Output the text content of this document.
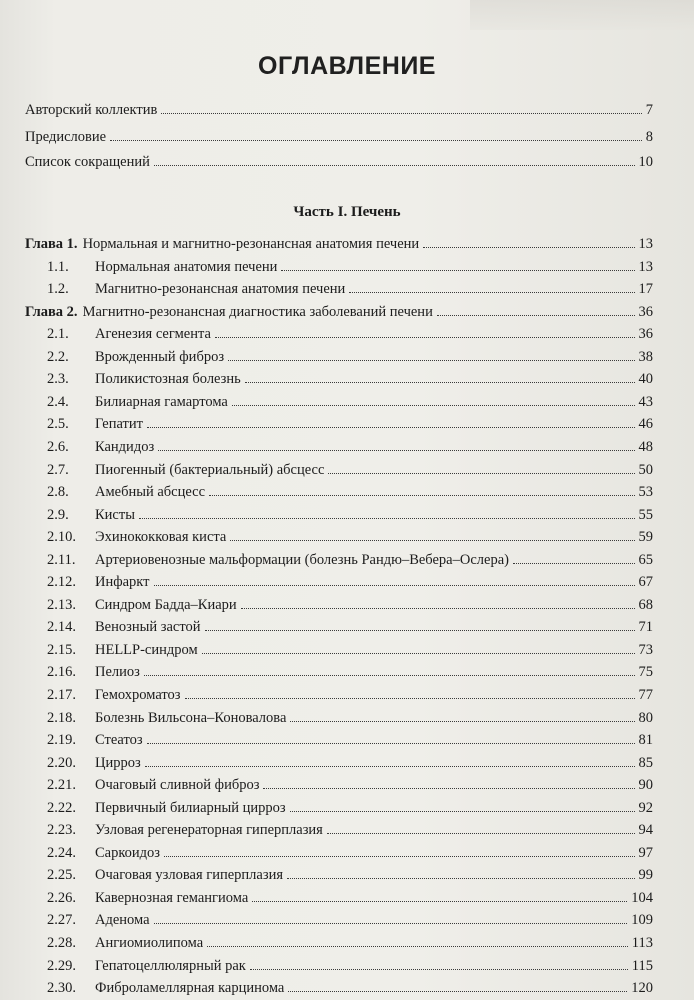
ОГЛАВЛЕНИЕ
Авторский коллектив	7
Предисловие	8
Список сокращений	10
Часть I. Печень
Глава 1. Нормальная и магнитно-резонансная анатомия печени	13
1.1. Нормальная анатомия печени	13
1.2. Магнитно-резонансная анатомия печени	17
Глава 2. Магнитно-резонансная диагностика заболеваний печени	36
2.1. Агенезия сегмента	36
2.2. Врожденный фиброз	38
2.3. Поликистозная болезнь	40
2.4. Билиарная гамартома	43
2.5. Гепатит	46
2.6. Кандидоз	48
2.7. Пиогенный (бактериальный) абсцесс	50
2.8. Амебный абсцесс	53
2.9. Кисты	55
2.10. Эхинококковая киста	59
2.11. Артериовенозные мальформации (болезнь Рандю–Вебера–Ослера)	65
2.12. Инфаркт	67
2.13. Синдром Бадда–Киари	68
2.14. Венозный застой	71
2.15. HELLP-синдром	73
2.16. Пелиоз	75
2.17. Гемохроматоз	77
2.18. Болезнь Вильсона–Коновалова	80
2.19. Стеатоз	81
2.20. Цирроз	85
2.21. Очаговый сливной фиброз	90
2.22. Первичный билиарный цирроз	92
2.23. Узловая регенераторная гиперплазия	94
2.24. Саркоидоз	97
2.25. Очаговая узловая гиперплазия	99
2.26. Кавернозная гемангиома	104
2.27. Аденома	109
2.28. Ангиомиолипома	113
2.29. Гепатоцеллюлярный рак	115
2.30. Фиброламеллярная карцинома	120
